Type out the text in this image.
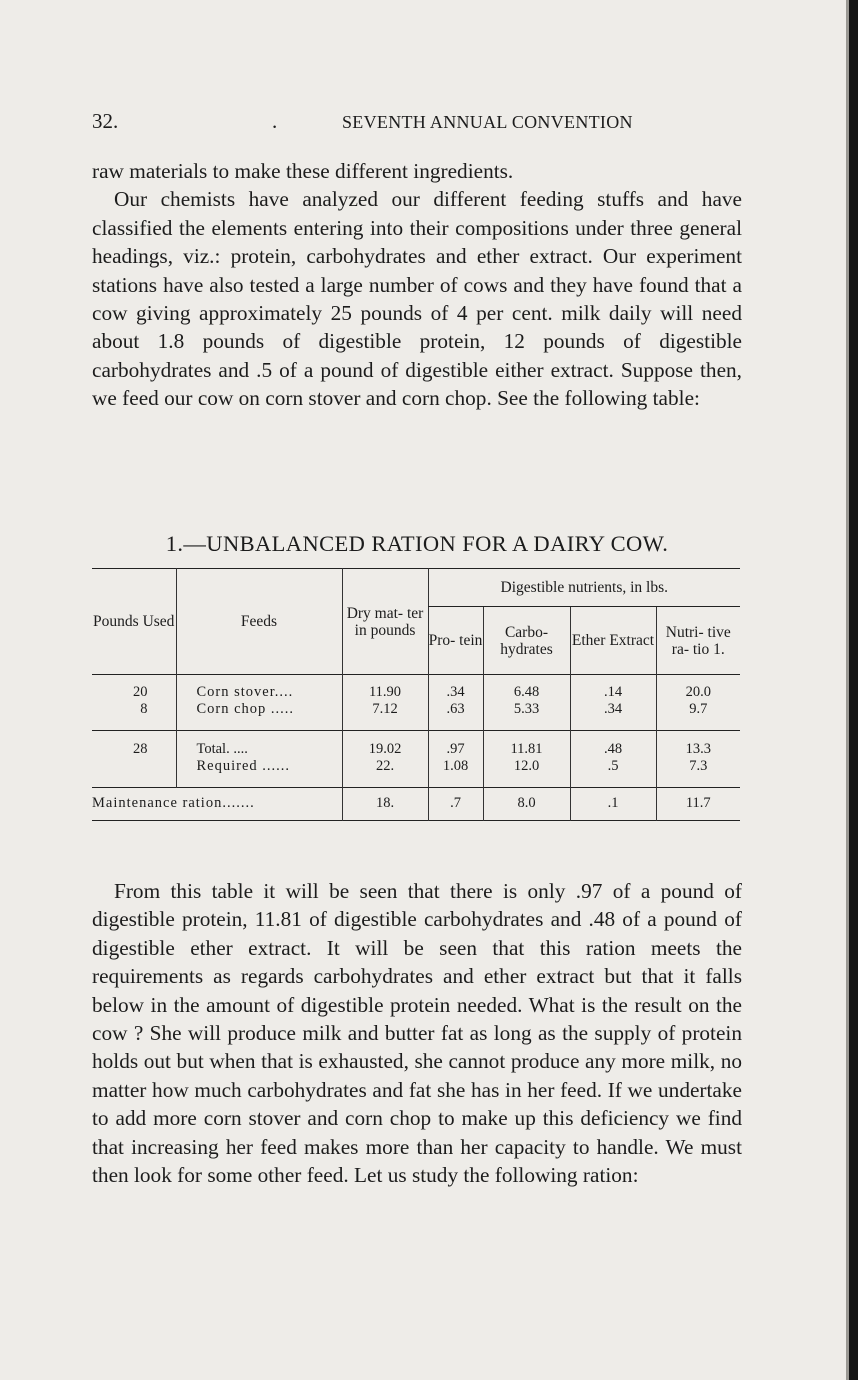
32.	.	SEVENTH ANNUAL CONVENTION

raw materials to make these different ingredients.

Our chemists have analyzed our different feeding stuffs and have classified the elements entering into their compositions under three general headings, viz.: protein, carbohydrates and ether extract. Our experiment stations have also tested a large number of cows and they have found that a cow giving approximately 25 pounds of 4 per cent. milk daily will need about 1.8 pounds of digestible protein, 12 pounds of digestible carbohydrates and .5 of a pound of digestible either extract. Suppose then, we feed our cow on corn stover and corn chop. See the following table:

1.—UNBALANCED RATION FOR A DAIRY COW.
Pounds Used	Feeds	Dry mat- ter in pounds	Digestible nutrients, in lbs.			
			Pro- tein	Carbo- hydrates	Ether Extract	Nutri- tive ra- tio 1.
20	Corn stover....	11.90	.34	6.48	.14	20.0
8	Corn chop .....	7.12	.63	5.33	.34	9.7
28	Total. ....	19.02	.97	11.81	.48	13.3
	Required ......	22.	1.08	12.0	.5	7.3
Maintenance ration.......		18.	.7	8.0	.1	11.7

From this table it will be seen that there is only .97 of a pound of digestible protein, 11.81 of digestible carbohydrates and .48 of a pound of digestible ether extract. It will be seen that this ration meets the requirements as regards carbohydrates and ether extract but that it falls below in the amount of digestible protein needed. What is the result on the cow ? She will produce milk and butter fat as long as the supply of protein holds out but when that is exhausted, she cannot produce any more milk, no matter how much carbohydrates and fat she has in her feed. If we undertake to add more corn stover and corn chop to make up this deficiency we find that increasing her feed makes more than her capacity to handle. We must then look for some other feed. Let us study the following ration:
